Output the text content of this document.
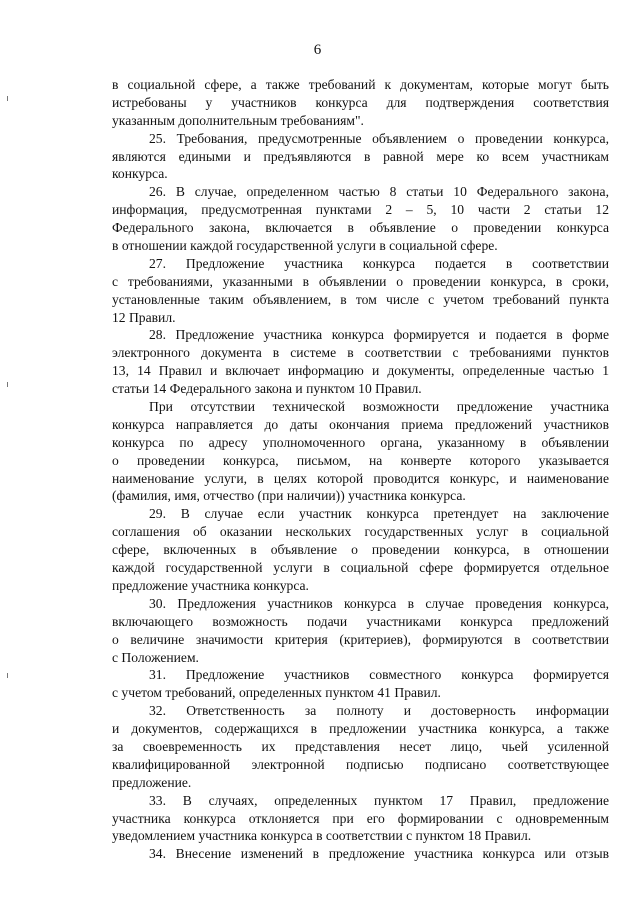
6
в социальной сфере, а также требований к документам, которые могут быть
истребованы у участников конкурса для подтверждения соответствия
указанным дополнительным требованиям".
25. Требования, предусмотренные объявлением о проведении конкурса,
являются едиными и предъявляются в равной мере ко всем участникам
конкурса.
26. В случае, определенном частью 8 статьи 10 Федерального закона,
информация, предусмотренная пунктами 2 – 5, 10 части 2 статьи 12
Федерального закона, включается в объявление о проведении конкурса
в отношении каждой государственной услуги в социальной сфере.
27. Предложение участника конкурса подается в соответствии
с требованиями, указанными в объявлении о проведении конкурса, в сроки,
установленные таким объявлением, в том числе с учетом требований пункта
12 Правил.
28. Предложение участника конкурса формируется и подается в форме
электронного документа в системе в соответствии с требованиями пунктов
13, 14 Правил и включает информацию и документы, определенные частью 1
статьи 14 Федерального закона и пунктом 10 Правил.
При отсутствии технической возможности предложение участника
конкурса направляется до даты окончания приема предложений участников
конкурса по адресу уполномоченного органа, указанному в объявлении
о проведении конкурса, письмом, на конверте которого указывается
наименование услуги, в целях которой проводится конкурс, и наименование
(фамилия, имя, отчество (при наличии)) участника конкурса.
29. В случае если участник конкурса претендует на заключение
соглашения об оказании нескольких государственных услуг в социальной
сфере, включенных в объявление о проведении конкурса, в отношении
каждой государственной услуги в социальной сфере формируется отдельное
предложение участника конкурса.
30. Предложения участников конкурса в случае проведения конкурса,
включающего возможность подачи участниками конкурса предложений
о величине значимости критерия (критериев), формируются в соответствии
с Положением.
31. Предложение участников совместного конкурса формируется
с учетом требований, определенных пунктом 41 Правил.
32. Ответственность за полноту и достоверность информации
и документов, содержащихся в предложении участника конкурса, а также
за своевременность их представления несет лицо, чьей усиленной
квалифицированной электронной подписью подписано соответствующее
предложение.
33. В случаях, определенных пунктом 17 Правил, предложение
участника конкурса отклоняется при его формировании с одновременным
уведомлением участника конкурса в соответствии с пунктом 18 Правил.
34. Внесение изменений в предложение участника конкурса или отзыв
